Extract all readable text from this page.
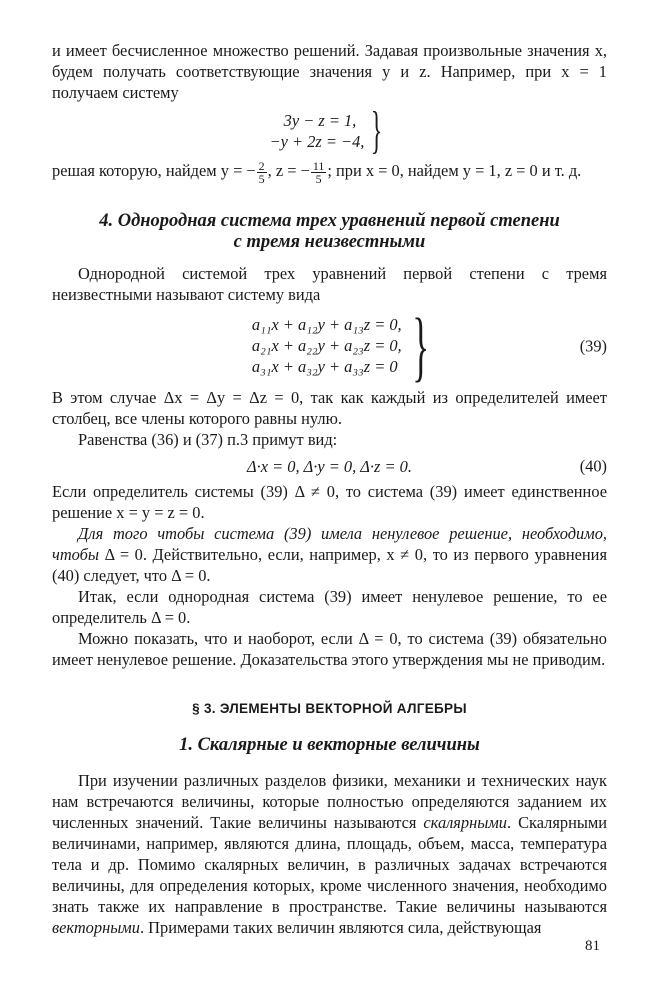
и имеет бесчисленное множество решений. Задавая произвольные значения x, будем получать соответствующие значения y и z. Например, при x = 1 получаем систему

3y − z = 1,
−y + 2z = −4, }

решая которую, найдем y = − $\frac{2}{5}$ , z = − $\frac{11}{5}$ ; при x = 0, найдем y = 1, z = 0 и т. д.

4. Однородная система трех уравнений первой степени
с тремя неизвестными

Однородной системой трех уравнений первой степени с тремя неизвестными называют систему вида

a₁₁x + a₁₂y + a₁₃z = 0,
a₂₁x + a₂₂y + a₂₃z = 0,
a₃₁x + a₃₂y + a₃₃z = 0 }	(39)

В этом случае Δx = Δy = Δz = 0, так как каждый из определителей имеет столбец, все члены которого равны нулю.

Равенства (36) и (37) п.3 примут вид:

Δ·x = 0, Δ·y = 0, Δ·z = 0.	(40)

Если определитель системы (39) Δ ≠ 0, то система (39) имеет единственное решение x = y = z = 0.

Для того чтобы система (39) имела ненулевое решение, необходимо, чтобы Δ = 0. Действительно, если, например, x ≠ 0, то из первого уравнения (40) следует, что Δ = 0.

Итак, если однородная система (39) имеет ненулевое решение, то ее определитель Δ = 0.

Можно показать, что и наоборот, если Δ = 0, то система (39) обязательно имеет ненулевое решение. Доказательства этого утверждения мы не приводим.

§ 3. ЭЛЕМЕНТЫ ВЕКТОРНОЙ АЛГЕБРЫ
1. Скалярные и векторные величины

При изучении различных разделов физики, механики и технических наук нам встречаются величины, которые полностью определяются заданием их численных значений. Такие величины называются скалярными. Скалярными величинами, например, являются длина, площадь, объем, масса, температура тела и др. Помимо скалярных величин, в различных задачах встречаются величины, для определения которых, кроме численного значения, необходимо знать также их направление в пространстве. Такие величины называются векторными. Примерами таких величин являются сила, действующая

81
